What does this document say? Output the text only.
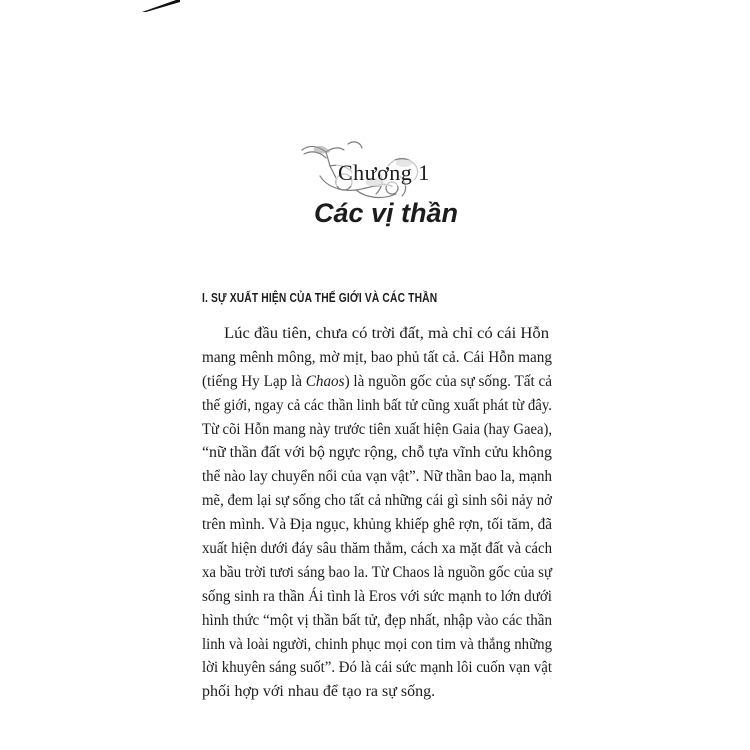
Chương 1
Các vị thần
I. SỰ XUẤT HIỆN CỦA THẾ GIỚI VÀ CÁC THẦN
Lúc đầu tiên, chưa có trời đất, mà chỉ có cái Hỗn
mang mênh mông, mờ mịt, bao phủ tất cả. Cái Hỗn mang
(tiếng Hy Lạp là Chaos) là nguồn gốc của sự sống. Tất cả
thế giới, ngay cả các thần linh bất tử cũng xuất phát từ đây.
Từ cõi Hỗn mang này trước tiên xuất hiện Gaia (hay Gaea),
“nữ thần đất với bộ ngực rộng, chỗ tựa vĩnh cửu không
thể nào lay chuyển nổi của vạn vật”. Nữ thần bao la, mạnh
mẽ, đem lại sự sống cho tất cả những cái gì sinh sôi nảy nở
trên mình. Và Địa ngục, khủng khiếp ghê rợn, tối tăm, đã
xuất hiện dưới đáy sâu thăm thẳm, cách xa mặt đất và cách
xa bầu trời tươi sáng bao la. Từ Chaos là nguồn gốc của sự
sống sinh ra thần Ái tình là Eros với sức mạnh to lớn dưới
hình thức “một vị thần bất tử, đẹp nhất, nhập vào các thần
linh và loài người, chinh phục mọi con tim và thắng những
lời khuyên sáng suốt”. Đó là cái sức mạnh lôi cuốn vạn vật
phối hợp với nhau để tạo ra sự sống.
